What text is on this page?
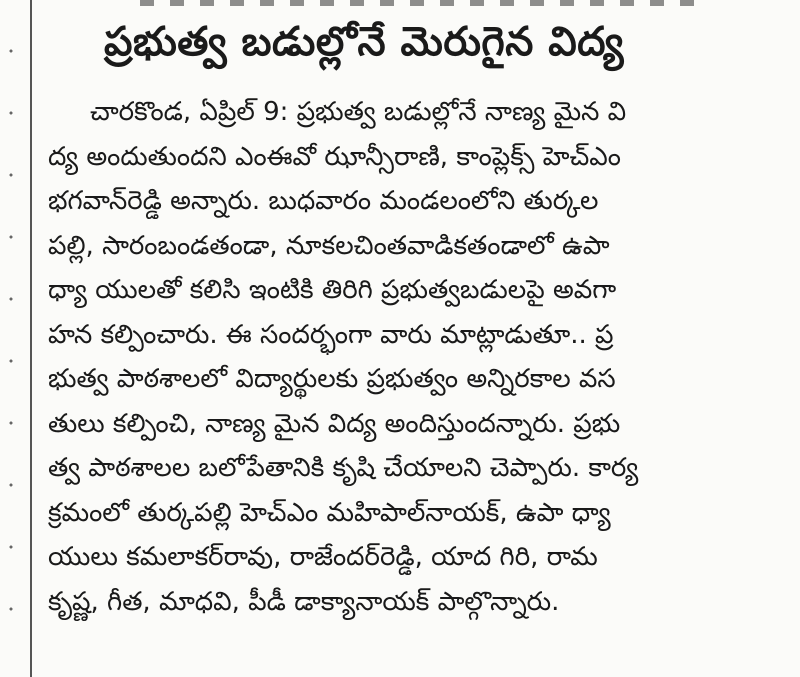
ప్రభుత్వ బడుల్లోనే మెరుగైన విద్య
చారకొండ, ఏప్రిల్ 9: ప్రభుత్వ బడుల్లోనే నాణ్య మైన వి
ద్య అందుతుందని ఎంఈవో ఝాన్సీరాణి, కాంప్లెక్స్ హెచ్ఎం
భగవాన్‌రెడ్డి అన్నారు. బుధవారం మండలంలోని తుర్కల
పల్లి, సారంబండతండా, నూకలచింతవాడికతండాలో ఉపా
ధ్యా యులతో కలిసి ఇంటికి తిరిగి ప్రభుత్వబడులపై అవగా
హన కల్పించారు. ఈ సందర్భంగా వారు మాట్లాడుతూ.. ప్ర
భుత్వ పాఠశాలలో విద్యార్థులకు ప్రభుత్వం అన్నిరకాల వస
తులు కల్పించి, నాణ్య మైన విద్య అందిస్తుందన్నారు. ప్రభు
త్వ పాఠశాలల బలోపేతానికి కృషి చేయాలని చెప్పారు. కార్య
క్రమంలో తుర్కపల్లి హెచ్ఎం మహిపాల్‌నాయక్, ఉపా ధ్యా
యులు కమలాకర్‌రావు, రాజేందర్‌రెడ్డి, యాద గిరి, రామ
కృష్ణ, గీత, మాధవి, పీడీ డాక్యానాయక్ పాల్గొన్నారు.
